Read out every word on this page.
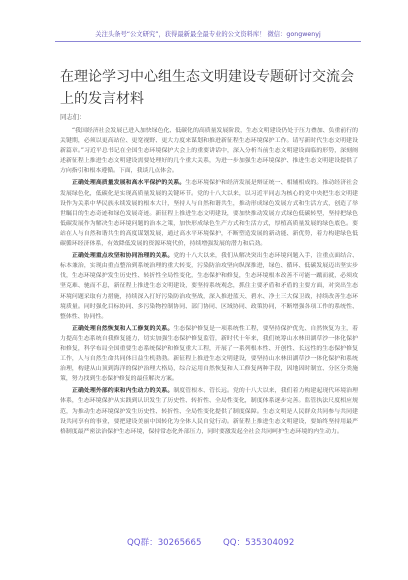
关注头条号“公文研究”，获得最新最全最专业的公文资料库！ 微信：gongwenyj
在理论学习中心组生态文明建设专题研讨交流会上的发言材料
同志们：

“我国经济社会发展已进入加快绿色化、低碳化的高质量发展阶段，生态文明建设仍处于压力叠加、负重前行的关键期，必须以更高站位、更宽视野、更大力度来谋划和推进新征程生态环境保护工作。请写新时代生态文明建设新篇章。”习近平总书记在全国生态环境保护大会上的重要讲话中，深入分析当前生态文明建设面临的形势，深刻阐述新征程上推进生态文明建设需要处理好的几个重大关系，为进一步加强生态环境保护、推进生态文明建设提供了方向指引和根本遵循。下面，我谈几点体会。

正确处理高质量发展和高水平保护的关系。生态环境保护和经济发展是辩证统一、相辅相成的。推动经济社会发展绿色化，低碳化是实现高质量发展的关键环节。党的十八大以来，以习近平同志为核心的党中央把生态文明建设作为关系中华民族永续发展的根本大计，坚持人与自然和谐共生，推动形成绿色发展方式和生活方式，创造了举世瞩目的生态奇迹和绿色发展奇迹。新征程上推进生态文明建设，要加快推动发展方式绿色低碳转型，坚持把绿色低碳发展作为解决生态环境问题的治本之策，加快形成绿色生产方式和生活方式，厚植高质量发展的绿色底色。要站在人与自然和谐共生的高度谋划发展，通过高水平环境保护，不断塑造发展的新动能、新优势，着力构建绿色低碳循环经济体系，有效降低发展的资源环境代价，持续增强发展的潜力和后劲。

正确处理重点攻坚和协同治理的关系。党的十八大以来，我们从解决突出生态环境问题入手，注重点面结合、标本兼治，实现由重点整治到系统治理的重大转变，污染防治攻坚向纵深推进，绿色、循环、低碳发展迈出坚实步伐，生态环境保护发生历史性、转折性全局性变化，生态保护和修复，生态环境根本改善不可能一蹴而就，必须攻坚克难、驰而不息，新征程上推进生态文明建设，要坚持系统观念，抓住主要矛盾和矛盾的主要方面，对突出生态环境问题采取有力措施，持续深入打好污染防治攻坚战，深入推进蓝天、碧水、净土三大保卫战，持续改善生态环境质量。同时强化目标协同、多污染物控制协同、部门协同、区域协同、政策协同，不断增强各项工作的系统性、整体性、协同性。

正确处理自然恢复和人工修复的关系。生态保护修复是一项系统性工程，要坚持保护优先、自然恢复为主，着力提高生态系统自我修复能力，切实加强生态保护修复监管，新时代十年来，我们统筹山水林田湖草沙一体化保护和修复，科学布局全国重要生态系统保护和修复重大工程，开展了一系列根本性、开创性、长远性的生态保护修复工作，人与自然生命共同体日益生机勃勃。新征程上推进生态文明建设，要坚持山水林田湖草沙一体化保护和系统治理，构建从山顶到海洋的保护治理大格局，综合运用自然恢复和人工修复两种手段，因地因时制宜、分区分类施策，努力找到生态保护修复的最佳解决方案。

正确处理外部约束和内生动力的关系。制度管根本、管长远。党的十八大以来，我们着力构建起现代环境治理体系，生态环境保护从实践到认识发生了历史性、转折性、全局性变化，制度体系逐步完善。监管执法尺度相应规范，为推动生态环境保护发生历史性、转折性、全局性变化提供了制度保障。生态文明是人民群众共同参与共同建设共同享有的事业，要把建设美丽中国转化为全体人民自觉行动。新征程上推进生态文明建设，要始终坚持用最严格制度最严密法治保护生态环境，保持常态化外部压力，同时要激发起全社会共同呵护生态环境的内生动力。

QQ群：30265665	QQ：535304092
